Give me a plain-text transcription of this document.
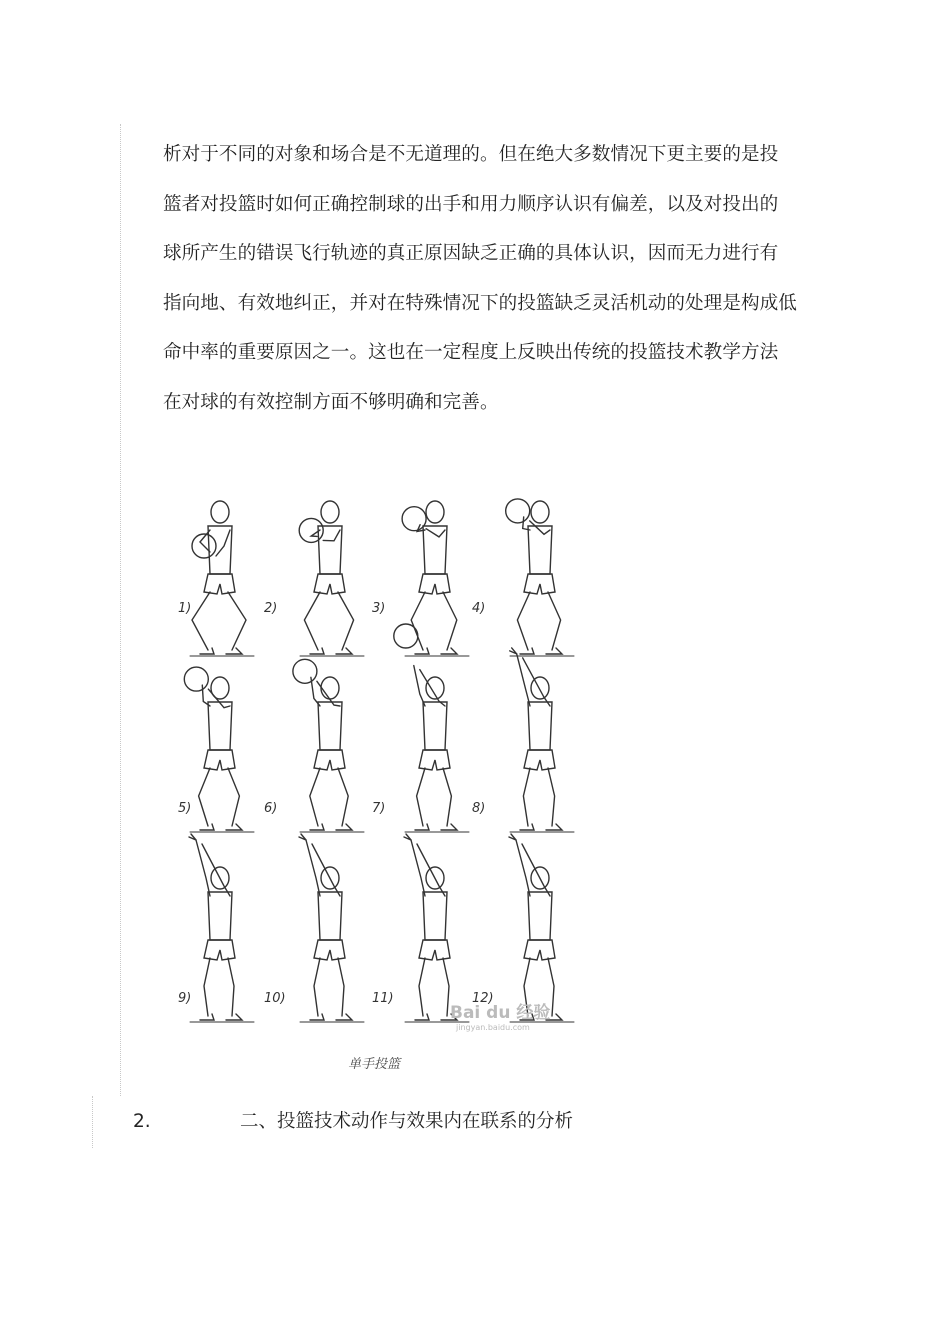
析对于不同的对象和场合是不无道理的。但在绝大多数情况下更主要的是投
篮者对投篮时如何正确控制球的出手和用力顺序认识有偏差，以及对投出的
球所产生的错误飞行轨迹的真正原因缺乏正确的具体认识，因而无力进行有
指向地、有效地纠正，并对在特殊情况下的投篮缺乏灵活机动的处理是构成低
命中率的重要原因之一。这也在一定程度上反映出传统的投篮技术教学方法
在对球的有效控制方面不够明确和完善。
1)	2)	3)	4)
5)	6)	7)	8)
9)	10)	11)	12)
Bai du 经验
jingyan.baidu.com
单手投篮
2.	二、投篮技术动作与效果内在联系的分析
